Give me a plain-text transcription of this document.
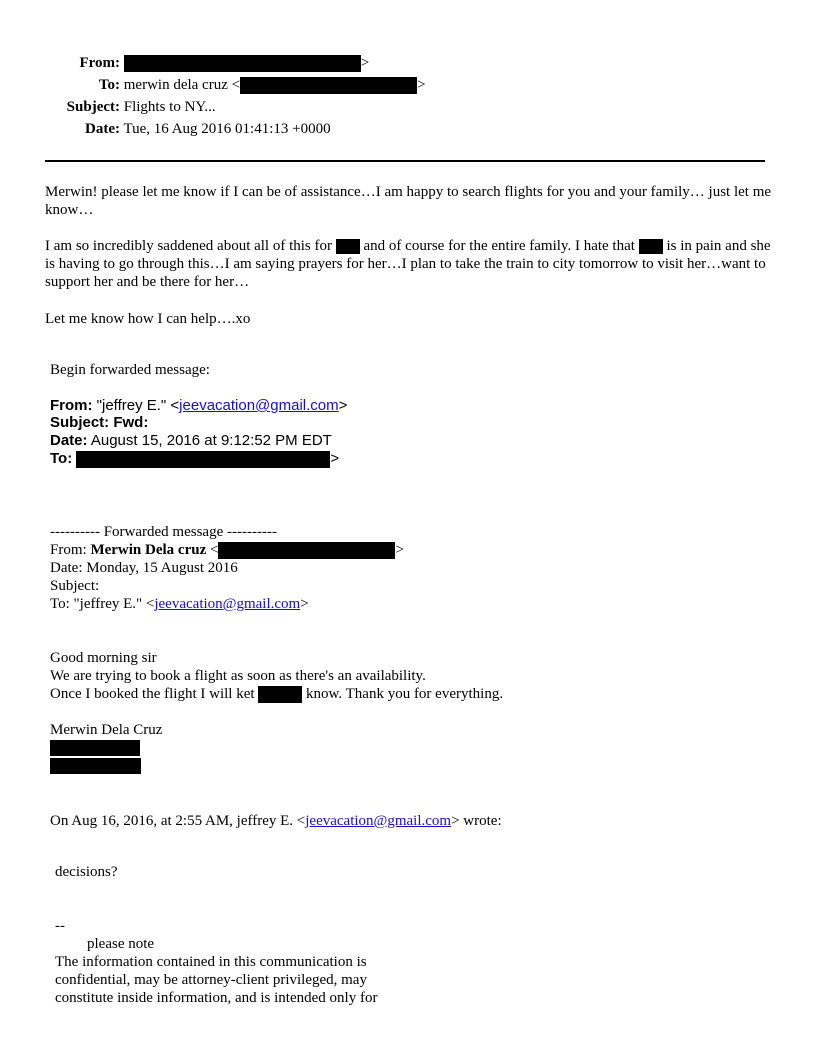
From:	>
To: merwin dela cruz <	>
Subject: Flights to NY...
Date: Tue, 16 Aug 2016 01:41:13 +0000
Merwin! please let me know if I can be of assistance…I am happy to search flights for you and your family… just let me know…
I am so incredibly saddened about all of this for  and of course for the entire family. I hate that  is in pain and she is having to go through this…I am saying prayers for her…I plan to take the train to city tomorrow to visit her…want to support her and be there for her…
Let me know how I can help….xo
Begin forwarded message:
From: "jeffrey E." <jeevacation@gmail.com>
Subject: Fwd:
Date: August 15, 2016 at 9:12:52 PM EDT
To:	>
---------- Forwarded message ----------
From: Merwin Dela cruz <	>
Date: Monday, 15 August 2016
Subject:
To: "jeffrey E." <jeevacation@gmail.com>
Good morning sir
We are trying to book a flight as soon as there's an availability.
Once I booked the flight I will ket	know. Thank you for everything.
Merwin Dela Cruz
On Aug 16, 2016, at 2:55 AM, jeffrey E. <jeevacation@gmail.com> wrote:
decisions?
--
please note
The information contained in this communication is
confidential, may be attorney-client privileged, may
constitute inside information, and is intended only for
